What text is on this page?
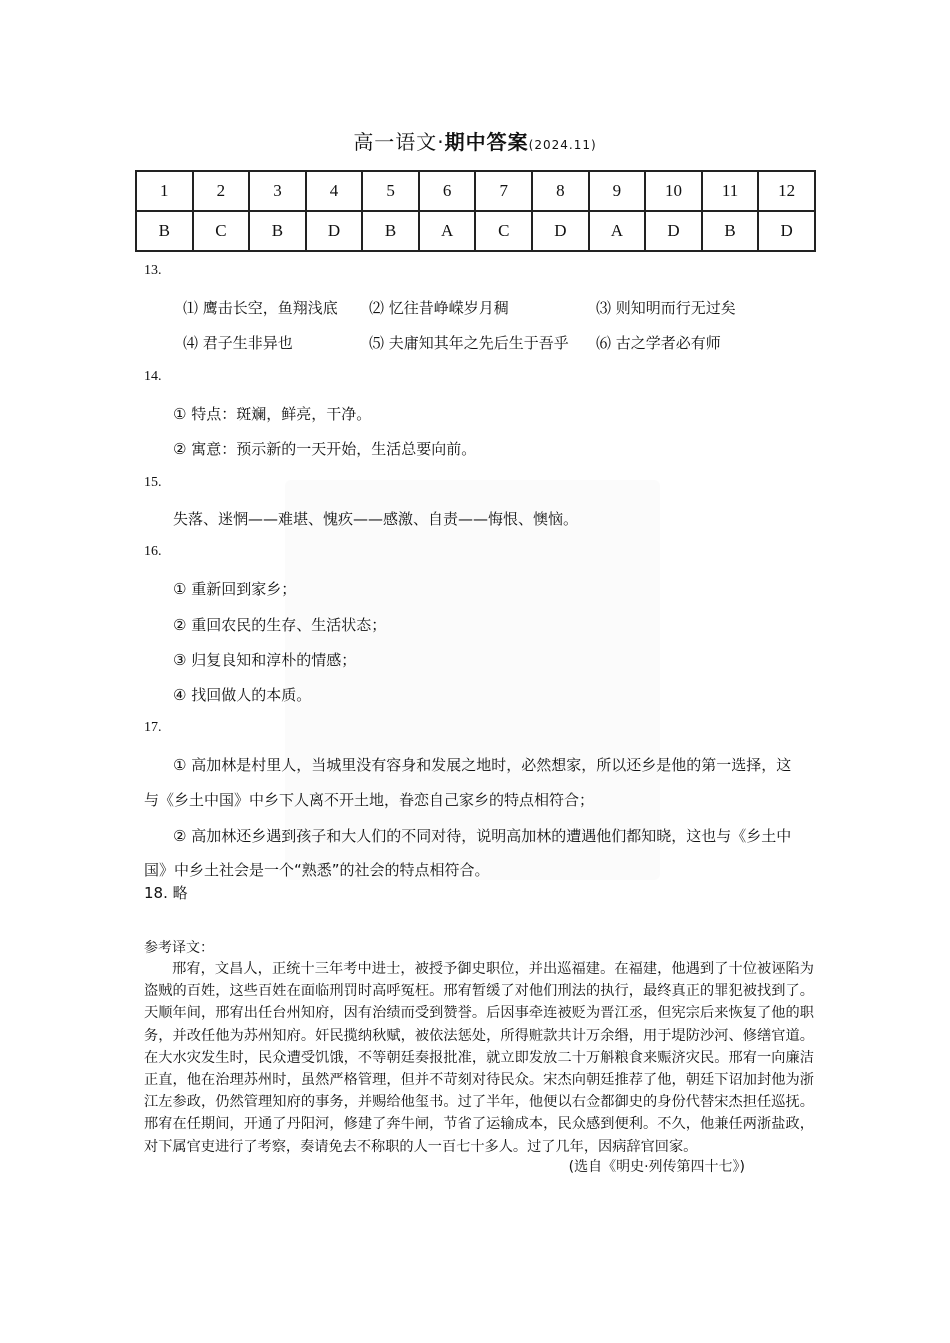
高一语文·期中答案(2024.11)
1	2	3	4	5	6	7	8	9	10	11	12
B	C	B	D	B	A	C	D	A	D	B	D
13.
⑴ 鹰击长空，鱼翔浅底 ⑵ 忆往昔峥嵘岁月稠	⑶ 则知明而行无过矣
⑷ 君子生非异也	⑸ 夫庸知其年之先后生于吾乎 ⑹ 古之学者必有师
14.
① 特点：斑斓，鲜亮，干净。
② 寓意：预示新的一天开始，生活总要向前。
15.
失落、迷惘——难堪、愧疚——感激、自责——悔恨、懊恼。
16.
① 重新回到家乡；
② 重回农民的生存、生活状态；
③ 归复良知和淳朴的情感；
④ 找回做人的本质。
17.
① 高加林是村里人，当城里没有容身和发展之地时，必然想家，所以还乡是他的第一选择，这
与《乡土中国》中乡下人离不开土地，眷恋自己家乡的特点相符合；
② 高加林还乡遇到孩子和大人们的不同对待，说明高加林的遭遇他们都知晓，这也与《乡土中
国》中乡土社会是一个“熟悉”的社会的特点相符合。
18. 略
参考译文：
邢宥，文昌人，正统十三年考中进士，被授予御史职位，并出巡福建。在福建，他遇到了十位被诬陷为盗贼的百姓，这些百姓在面临刑罚时高呼冤枉。邢宥暂缓了对他们刑法的执行，最终真正的罪犯被找到了。天顺年间，邢宥出任台州知府，因有治绩而受到赞誉。后因事牵连被贬为晋江丞，但宪宗后来恢复了他的职务，并改任他为苏州知府。奸民揽纳秋赋，被依法惩处，所得赃款共计万余缗，用于堤防沙河、修缮官道。在大水灾发生时，民众遭受饥饿，不等朝廷奏报批准，就立即发放二十万斛粮食来赈济灾民。邢宥一向廉洁正直，他在治理苏州时，虽然严格管理，但并不苛刻对待民众。宋杰向朝廷推荐了他，朝廷下诏加封他为浙江左参政，仍然管理知府的事务，并赐给他玺书。过了半年，他便以右佥都御史的身份代替宋杰担任巡抚。邢宥在任期间，开通了丹阳河，修建了奔牛闸，节省了运输成本，民众感到便利。不久，他兼任两浙盐政，对下属官吏进行了考察，奏请免去不称职的人一百七十多人。过了几年，因病辞官回家。
(选自《明史·列传第四十七》)
